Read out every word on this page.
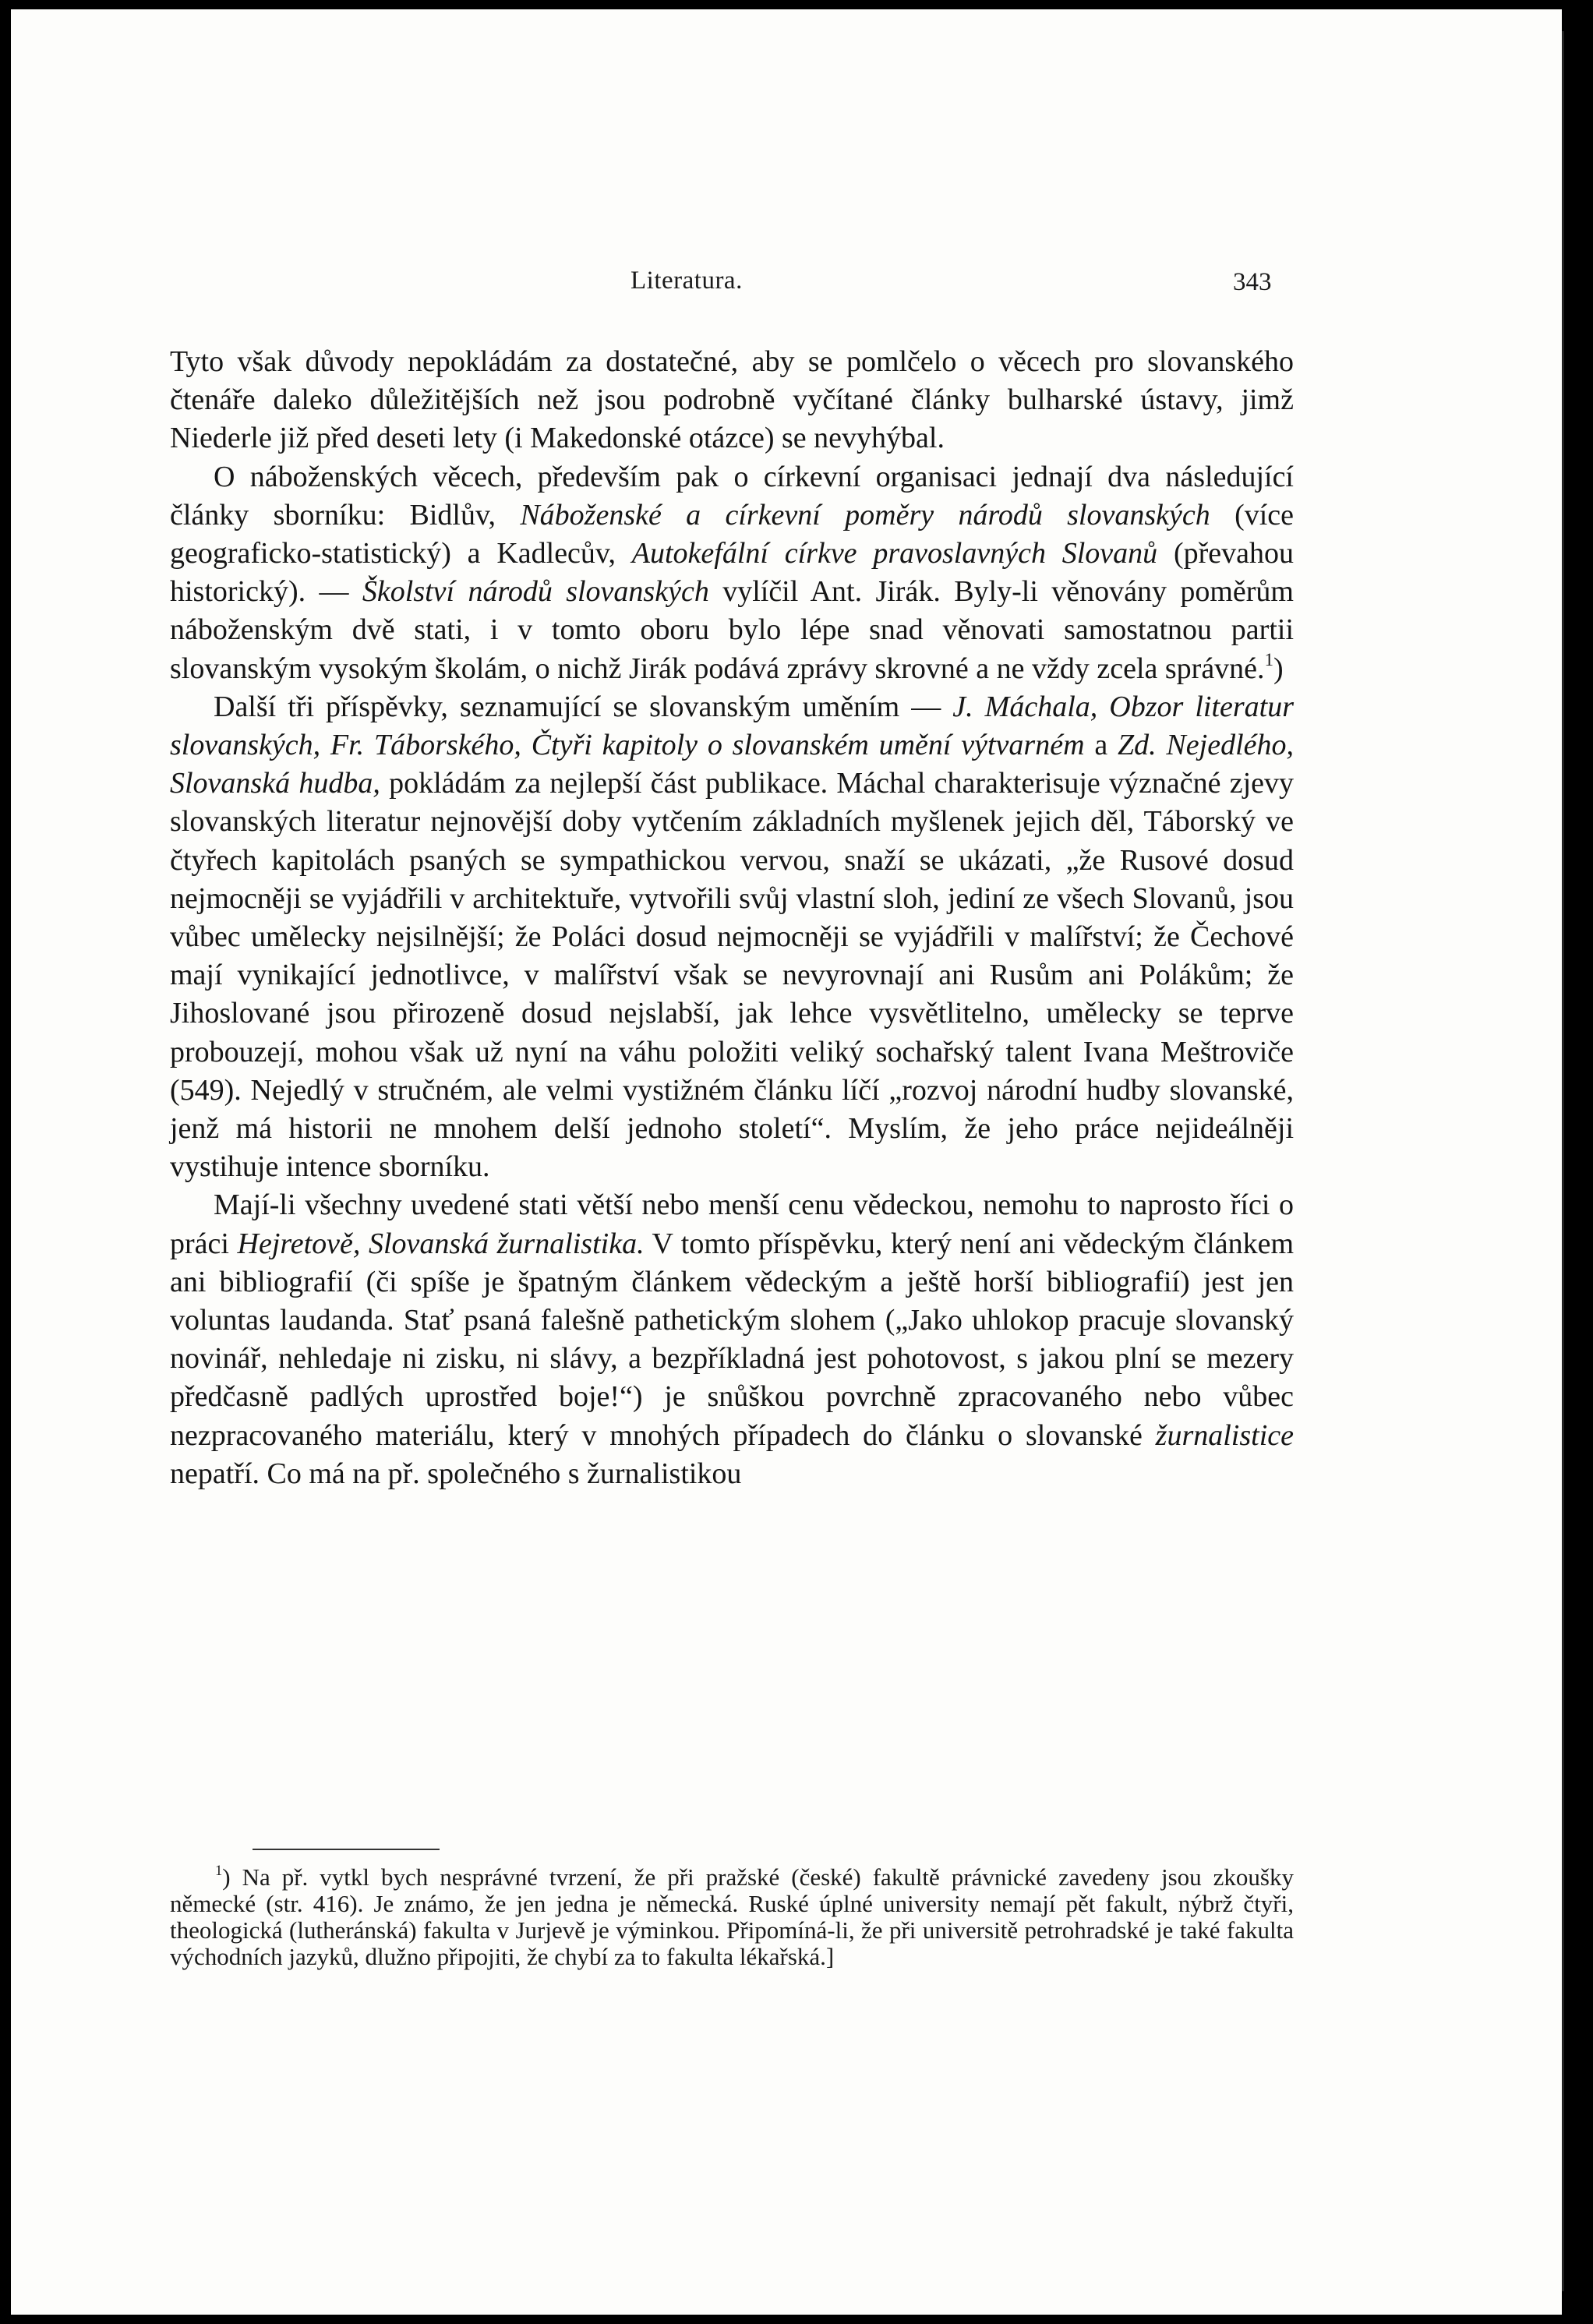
Literatura.	343

Tyto však důvody nepokládám za dostatečné, aby se pomlčelo o věcech pro slovanského čtenáře daleko důležitějších než jsou podrobně vyčítané články bulharské ústavy, jimž Niederle již před deseti lety (i Makedonské otázce) se nevyhýbal.

O náboženských věcech, především pak o církevní organisaci jednají dva následující články sborníku: Bidlův, Náboženské a církevní poměry národů slovanských (více geograficko-statistický) a Kadlecův, Autokefální církve pravoslavných Slovanů (převahou historický). — Školství národů slovanských vylíčil Ant. Jirák. Byly-li věnovány poměrům náboženským dvě stati, i v tomto oboru bylo lépe snad věnovati samostatnou partii slovanským vysokým školám, o nichž Jirák podává zprávy skrovné a ne vždy zcela správné.$^1$)

Další tři příspěvky, seznamující se slovanským uměním — J. Máchala, Obzor literatur slovanských, Fr. Táborského, Čtyři kapitoly o slovanském umění výtvarném a Zd. Nejedlého, Slovanská hudba, pokládám za nejlepší část publikace. Máchal charakterisuje význačné zjevy slovanských literatur nejnovější doby vytčením základních myšlenek jejich děl, Táborský ve čtyřech kapitolách psaných se sympathickou vervou, snaží se ukázati, „že Rusové dosud nejmocněji se vyjádřili v architektuře, vytvořili svůj vlastní sloh, jediní ze všech Slovanů, jsou vůbec umělecky nejsilnější; že Poláci dosud nejmocněji se vyjádřili v malířství; že Čechové mají vynikající jednotlivce, v malířství však se nevyrovnají ani Rusům ani Polákům; že Jihoslované jsou přirozeně dosud nejslabší, jak lehce vysvětlitelno, umělecky se teprve probouzejí, mohou však už nyní na váhu položiti veliký sochařský talent Ivana Meštroviče (549). Nejedlý v stručném, ale velmi vystižném článku líčí „rozvoj národní hudby slovanské, jenž má historii ne mnohem delší jednoho století“. Myslím, že jeho práce nejideálněji vystihuje intence sborníku.

Mají-li všechny uvedené stati větší nebo menší cenu vědeckou, nemohu to naprosto říci o práci Hejretově, Slovanská žurnalistika. V tomto příspěvku, který není ani vědeckým článkem ani bibliografií (či spíše je špatným článkem vědeckým a ještě horší bibliografií) jest jen voluntas laudanda. Stať psaná falešně pathetickým slohem („Jako uhlokop pracuje slovanský novinář, nehledaje ni zisku, ni slávy, a bezpříkladná jest pohotovost, s jakou plní se mezery předčasně padlých uprostřed boje!“) je snůškou povrchně zpracovaného nebo vůbec nezpracovaného materiálu, který v mnohých případech do článku o slovanské žurnalistice nepatří. Co má na př. společného s žurnalistikou

$^1$) Na př. vytkl bych nesprávné tvrzení, že při pražské (české) fakultě právnické zavedeny jsou zkoušky německé (str. 416). Je známo, že jen jedna je německá. Ruské úplné university nemají pět fakult, nýbrž čtyři, theologická (lutheránská) fakulta v Jurjevě je výminkou. Připomíná-li, že při universitě petrohradské je také fakulta východních jazyků, dlužno připojiti, že chybí za to fakulta lékařská.]
